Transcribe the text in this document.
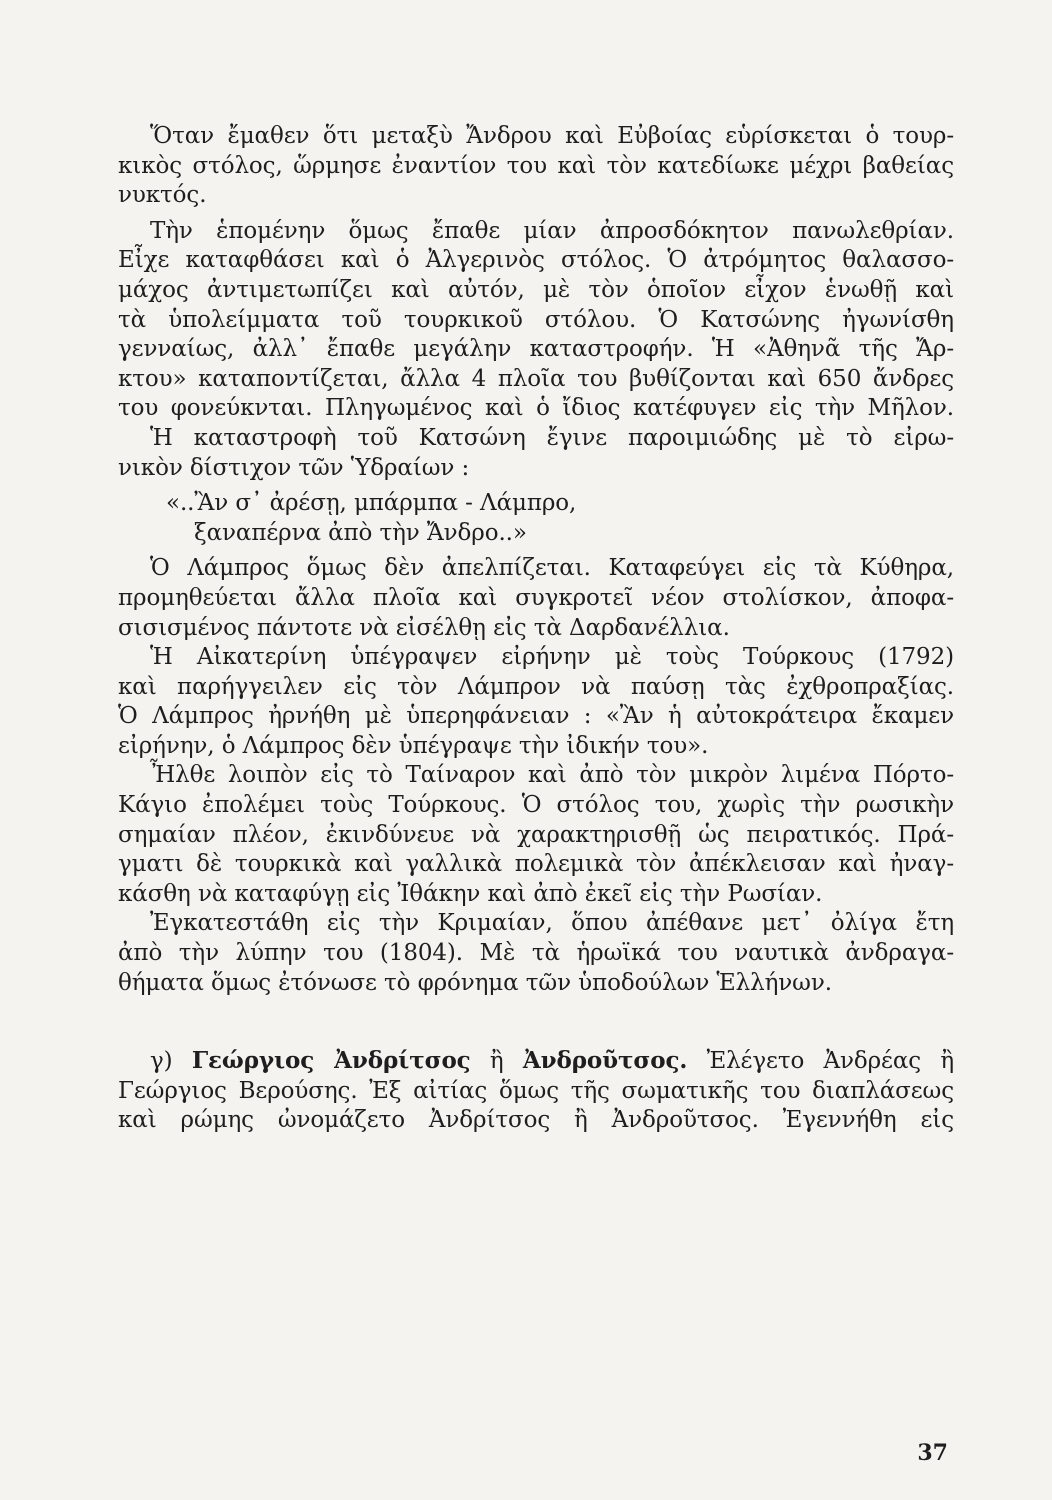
Ὅταν ἔμαθεν ὅτι μεταξὺ Ἄνδρου καὶ Εὐβοίας εὑρίσκεται ὁ τουρ-
κικὸς στόλος, ὥρμησε ἐναντίον του καὶ τὸν κατεδίωκε μέχρι βαθείας
νυκτός.
Τὴν ἑπομένην ὅμως ἔπαθε μίαν ἀπροσδόκητον πανωλεθρίαν.
Εἶχε καταφθάσει καὶ ὁ Ἀλγερινὸς στόλος. Ὁ ἀτρόμητος θαλασσο-
μάχος ἀντιμετωπίζει καὶ αὐτόν, μὲ τὸν ὁποῖον εἶχον ἑνωθῇ καὶ
τὰ ὑπολείμματα τοῦ τουρκικοῦ στόλου. Ὁ Κατσώνης ἠγωνίσθη
γενναίως, ἀλλ᾿ ἔπαθε μεγάλην καταστροφήν. Ἡ «Ἀθηνᾶ τῆς Ἄρ-
κτου» καταποντίζεται, ἄλλα 4 πλοῖα του βυθίζονται καὶ 650 ἄνδρες
του φονεύκνται. Πληγωμένος καὶ ὁ ἴδιος κατέφυγεν εἰς τὴν Μῆλον.
Ἡ καταστροφὴ τοῦ Κατσώνη ἔγινε παροιμιώδης μὲ τὸ εἰρω-
νικὸν δίστιχον τῶν Ὑδραίων :
«..Ἂν σ᾿ ἀρέσῃ, μπάρμπα - Λάμπρο,
ξαναπέρνα ἀπὸ τὴν Ἄνδρο..»
Ὁ Λάμπρος ὅμως δὲν ἀπελπίζεται. Καταφεύγει εἰς τὰ Κύθηρα,
προμηθεύεται ἄλλα πλοῖα καὶ συγκροτεῖ νέον στολίσκον, ἀποφα-
σισισμένος πάντοτε νὰ εἰσέλθῃ εἰς τὰ Δαρδανέλλια.
Ἡ Αἰκατερίνη ὑπέγραψεν εἰρήνην μὲ τοὺς Τούρκους (1792)
καὶ παρήγγειλεν εἰς τὸν Λάμπρον νὰ παύσῃ τὰς ἐχθροπραξίας.
Ὁ Λάμπρος ἠρνήθη μὲ ὑπερηφάνειαν : «Ἂν ἡ αὐτοκράτειρα ἔκαμεν
εἰρήνην, ὁ Λάμπρος δὲν ὑπέγραψε τὴν ἰδικήν του».
Ἦλθε λοιπὸν εἰς τὸ Ταίναρον καὶ ἀπὸ τὸν μικρὸν λιμένα Πόρτο-
Κάγιο ἐπολέμει τοὺς Τούρκους. Ὁ στόλος του, χωρὶς τὴν ρωσικὴν
σημαίαν πλέον, ἐκινδύνευε νὰ χαρακτηρισθῇ ὡς πειρατικός. Πρά-
γματι δὲ τουρκικὰ καὶ γαλλικὰ πολεμικὰ τὸν ἀπέκλεισαν καὶ ἠναγ-
κάσθη νὰ καταφύγῃ εἰς Ἰθάκην καὶ ἀπὸ ἐκεῖ εἰς τὴν Ρωσίαν.
Ἐγκατεστάθη εἰς τὴν Κριμαίαν, ὅπου ἀπέθανε μετ᾿ ὀλίγα ἔτη
ἀπὸ τὴν λύπην του (1804). Μὲ τὰ ἡρωϊκά του ναυτικὰ ἀνδραγα-
θήματα ὅμως ἐτόνωσε τὸ φρόνημα τῶν ὑποδούλων Ἑλλήνων.
γ) Γεώργιος Ἀνδρίτσος ἢ Ἀνδροῦτσος. Ἐλέγετο Ἀνδρέας ἢ
Γεώργιος Βερούσης. Ἐξ αἰτίας ὅμως τῆς σωματικῆς του διαπλάσεως
καὶ ρώμης ὠνομάζετο Ἀνδρίτσος ἢ Ἀνδροῦτσος. Ἐγεννήθη εἰς
37
